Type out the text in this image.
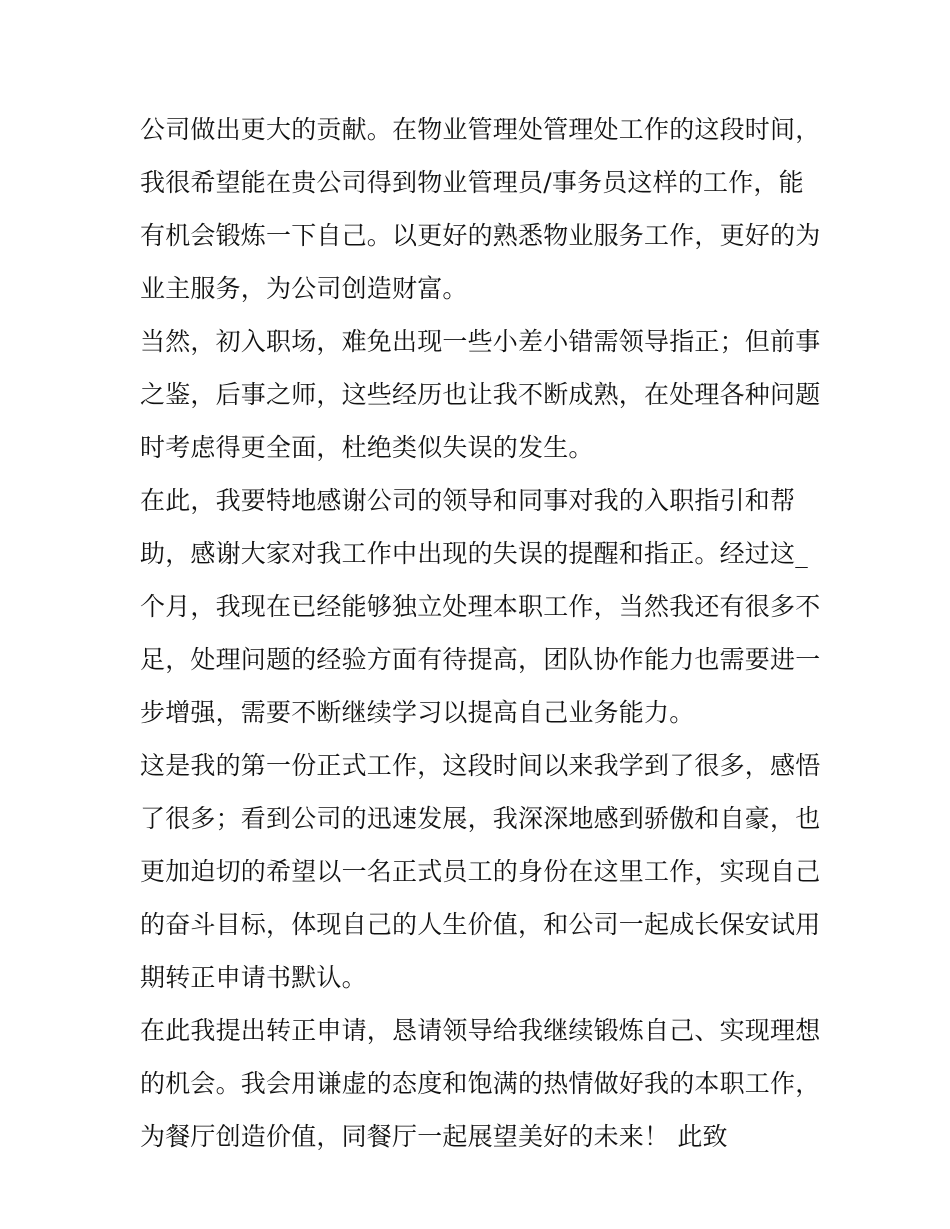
公司做出更大的贡献。在物业管理处管理处工作的这段时间，
我很希望能在贵公司得到物业管理员/事务员这样的工作，能
有机会锻炼一下自己。以更好的熟悉物业服务工作，更好的为
业主服务，为公司创造财富。
当然，初入职场，难免出现一些小差小错需领导指正；但前事
之鉴，后事之师，这些经历也让我不断成熟，在处理各种问题
时考虑得更全面，杜绝类似失误的发生。
在此，我要特地感谢公司的领导和同事对我的入职指引和帮
助，感谢大家对我工作中出现的失误的提醒和指正。经过这_
个月，我现在已经能够独立处理本职工作，当然我还有很多不
足，处理问题的经验方面有待提高，团队协作能力也需要进一
步增强，需要不断继续学习以提高自己业务能力。
这是我的第一份正式工作，这段时间以来我学到了很多，感悟
了很多；看到公司的迅速发展，我深深地感到骄傲和自豪，也
更加迫切的希望以一名正式员工的身份在这里工作，实现自己
的奋斗目标，体现自己的人生价值，和公司一起成长保安试用
期转正申请书默认。
在此我提出转正申请，恳请领导给我继续锻炼自己、实现理想
的机会。我会用谦虚的态度和饱满的热情做好我的本职工作，
为餐厅创造价值，同餐厅一起展望美好的未来！ 此致
